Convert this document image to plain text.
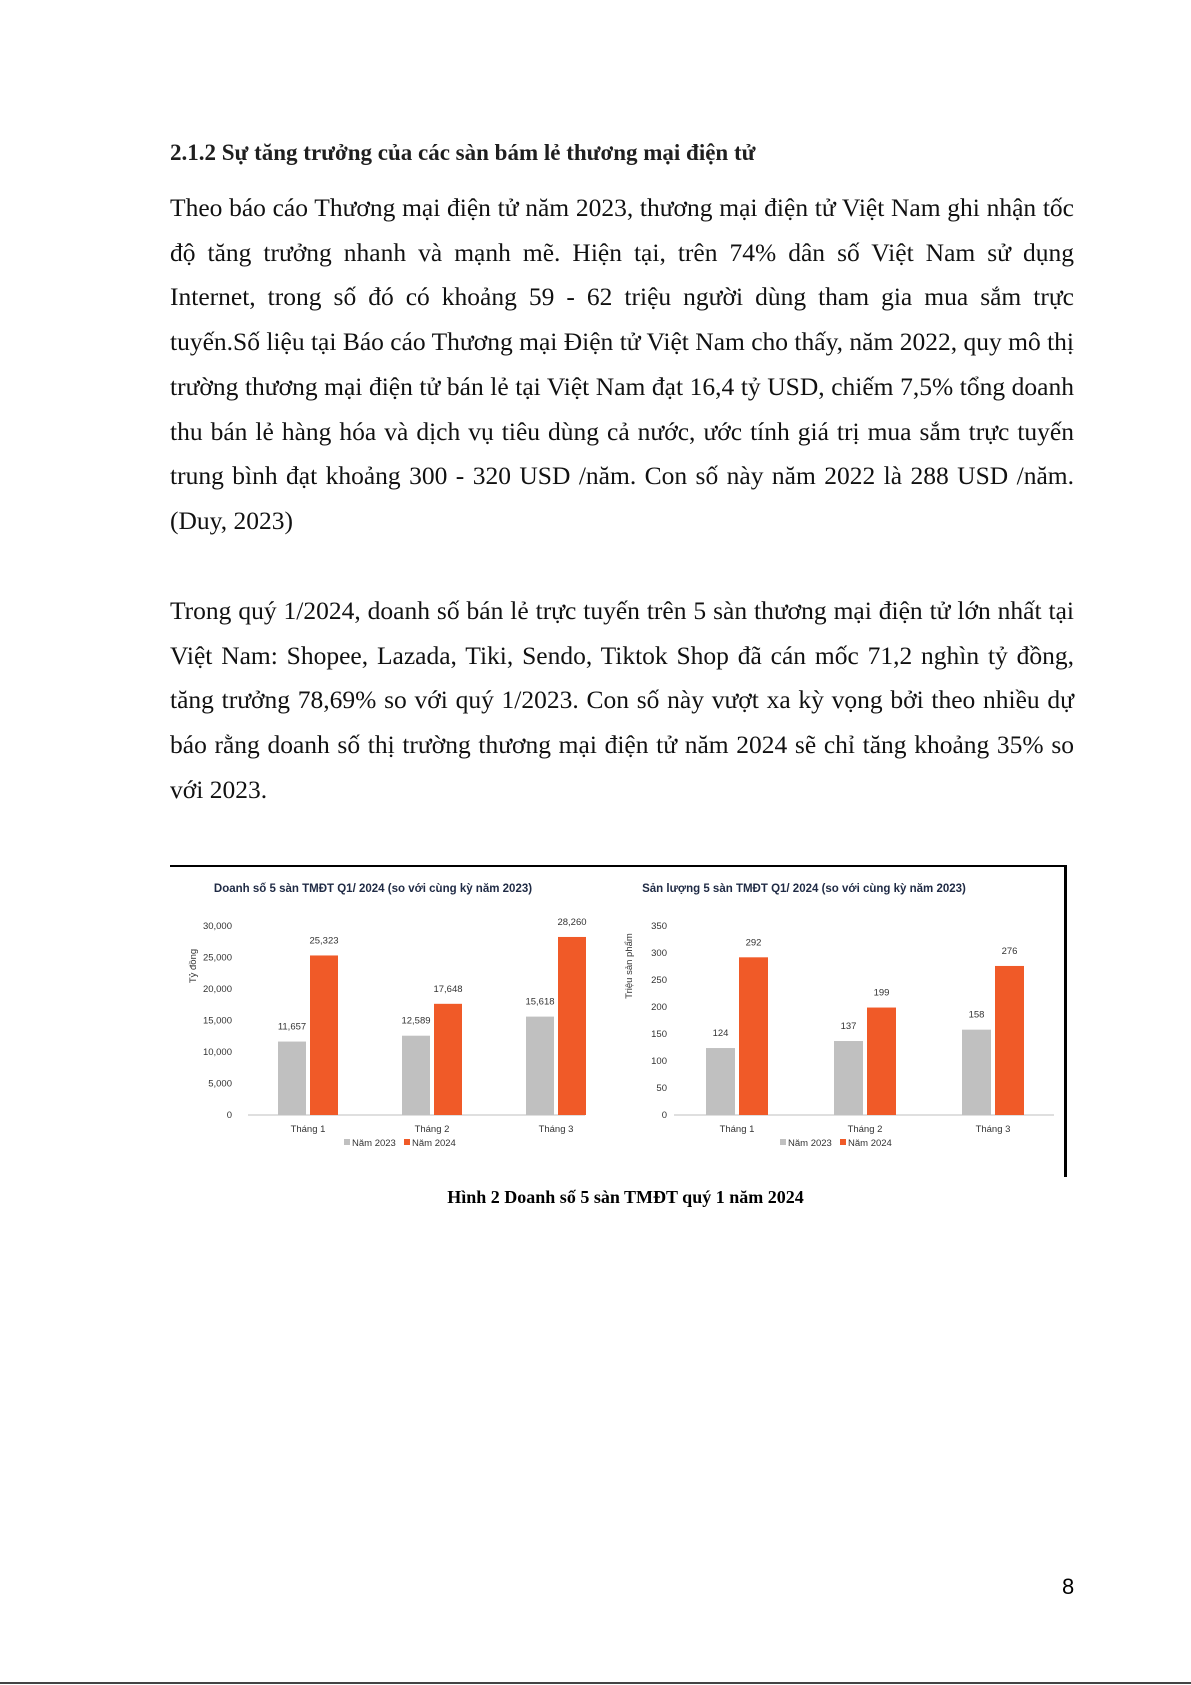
2.1.2 Sự tăng trưởng của các sàn bám lẻ thương mại điện tử

Theo báo cáo Thương mại điện tử năm 2023, thương mại điện tử Việt Nam ghi nhận tốc độ tăng trưởng nhanh và mạnh mẽ. Hiện tại, trên 74% dân số Việt Nam sử dụng Internet, trong số đó có khoảng 59 - 62 triệu người dùng tham gia mua sắm trực tuyến.Số liệu tại Báo cáo Thương mại Điện tử Việt Nam cho thấy, năm 2022, quy mô thị trường thương mại điện tử bán lẻ tại Việt Nam đạt 16,4 tỷ USD, chiếm 7,5% tổng doanh thu bán lẻ hàng hóa và dịch vụ tiêu dùng cả nước, ước tính giá trị mua sắm trực tuyến trung bình đạt khoảng 300 - 320 USD /năm. Con số này năm 2022 là 288 USD /năm. (Duy, 2023)

Trong quý 1/2024, doanh số bán lẻ trực tuyến trên 5 sàn thương mại điện tử lớn nhất tại Việt Nam: Shopee, Lazada, Tiki, Sendo, Tiktok Shop đã cán mốc 71,2 nghìn tỷ đồng, tăng trưởng 78,69% so với quý 1/2023. Con số này vượt xa kỳ vọng bởi theo nhiều dự báo rằng doanh số thị trường thương mại điện tử năm 2024 sẽ chỉ tăng khoảng 35% so với 2023.

Doanh số 5 sàn TMĐT Q1/ 2024 (so với cùng kỳ năm 2023)
Tỷ đồng
0
5,000
10,000
15,000
20,000
25,000
30,000
11,657
25,323
Tháng 1
12,589
17,648
Tháng 2
15,618
28,260
Tháng 3
Năm 2023 Năm 2024
Sản lượng 5 sàn TMĐT Q1/ 2024 (so với cùng kỳ năm 2023)
Triệu sản phẩm
0
50
100
150
200
250
300
350
124
292
Tháng 1
137
199
Tháng 2
158
276
Tháng 3
Năm 2023 Năm 2024

Hình 2 Doanh số 5 sàn TMĐT quý 1 năm 2024

8
